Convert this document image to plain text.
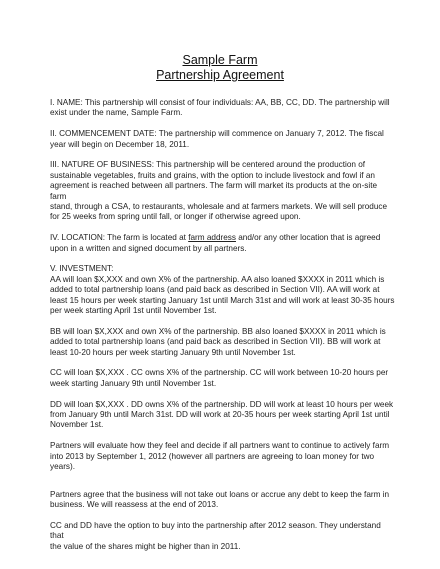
Sample Farm
Partnership Agreement

I. NAME: This partnership will consist of four individuals: AA, BB, CC, DD. The partnership will
exist under the name, Sample Farm.

II. COMMENCEMENT DATE: The partnership will commence on January 7, 2012. The fiscal
year will begin on December 18, 2011.

III. NATURE OF BUSINESS: This partnership will be centered around the production of
sustainable vegetables, fruits and grains, with the option to include livestock and fowl if an
agreement is reached between all partners. The farm will market its products at the on-site farm
stand, through a CSA, to restaurants, wholesale and at farmers markets. We will sell produce
for 25 weeks from spring until fall, or longer if otherwise agreed upon.

IV. LOCATION: The farm is located at farm address and/or any other location that is agreed
upon in a written and signed document by all partners.

V. INVESTMENT:

AA will loan $X,XXX and own X% of the partnership. AA also loaned $XXXX in 2011 which is
added to total partnership loans (and paid back as described in Section VII). AA will work at
least 15 hours per week starting January 1st until March 31st and will work at least 30-35 hours
per week starting April 1st until November 1st.

BB will loan $X,XXX and own X% of the partnership. BB also loaned $XXXX in 2011 which is
added to total partnership loans (and paid back as described in Section VII). BB will work at
least 10-20 hours per week starting January 9th until November 1st.

CC will loan $X,XXX . CC owns X% of the partnership. CC will work between 10-20 hours per
week starting January 9th until November 1st.

DD will loan $X,XXX . DD owns X% of the partnership. DD will work at least 10 hours per week
from January 9th until March 31st. DD will work at 20-35 hours per week starting April 1st until
November 1st.

Partners will evaluate how they feel and decide if all partners want to continue to actively farm
into 2013 by September 1, 2012 (however all partners are agreeing to loan money for two
years).

Partners agree that the business will not take out loans or accrue any debt to keep the farm in
business. We will reassess at the end of 2013.

CC and DD have the option to buy into the partnership after 2012 season. They understand that
the value of the shares might be higher than in 2011.
